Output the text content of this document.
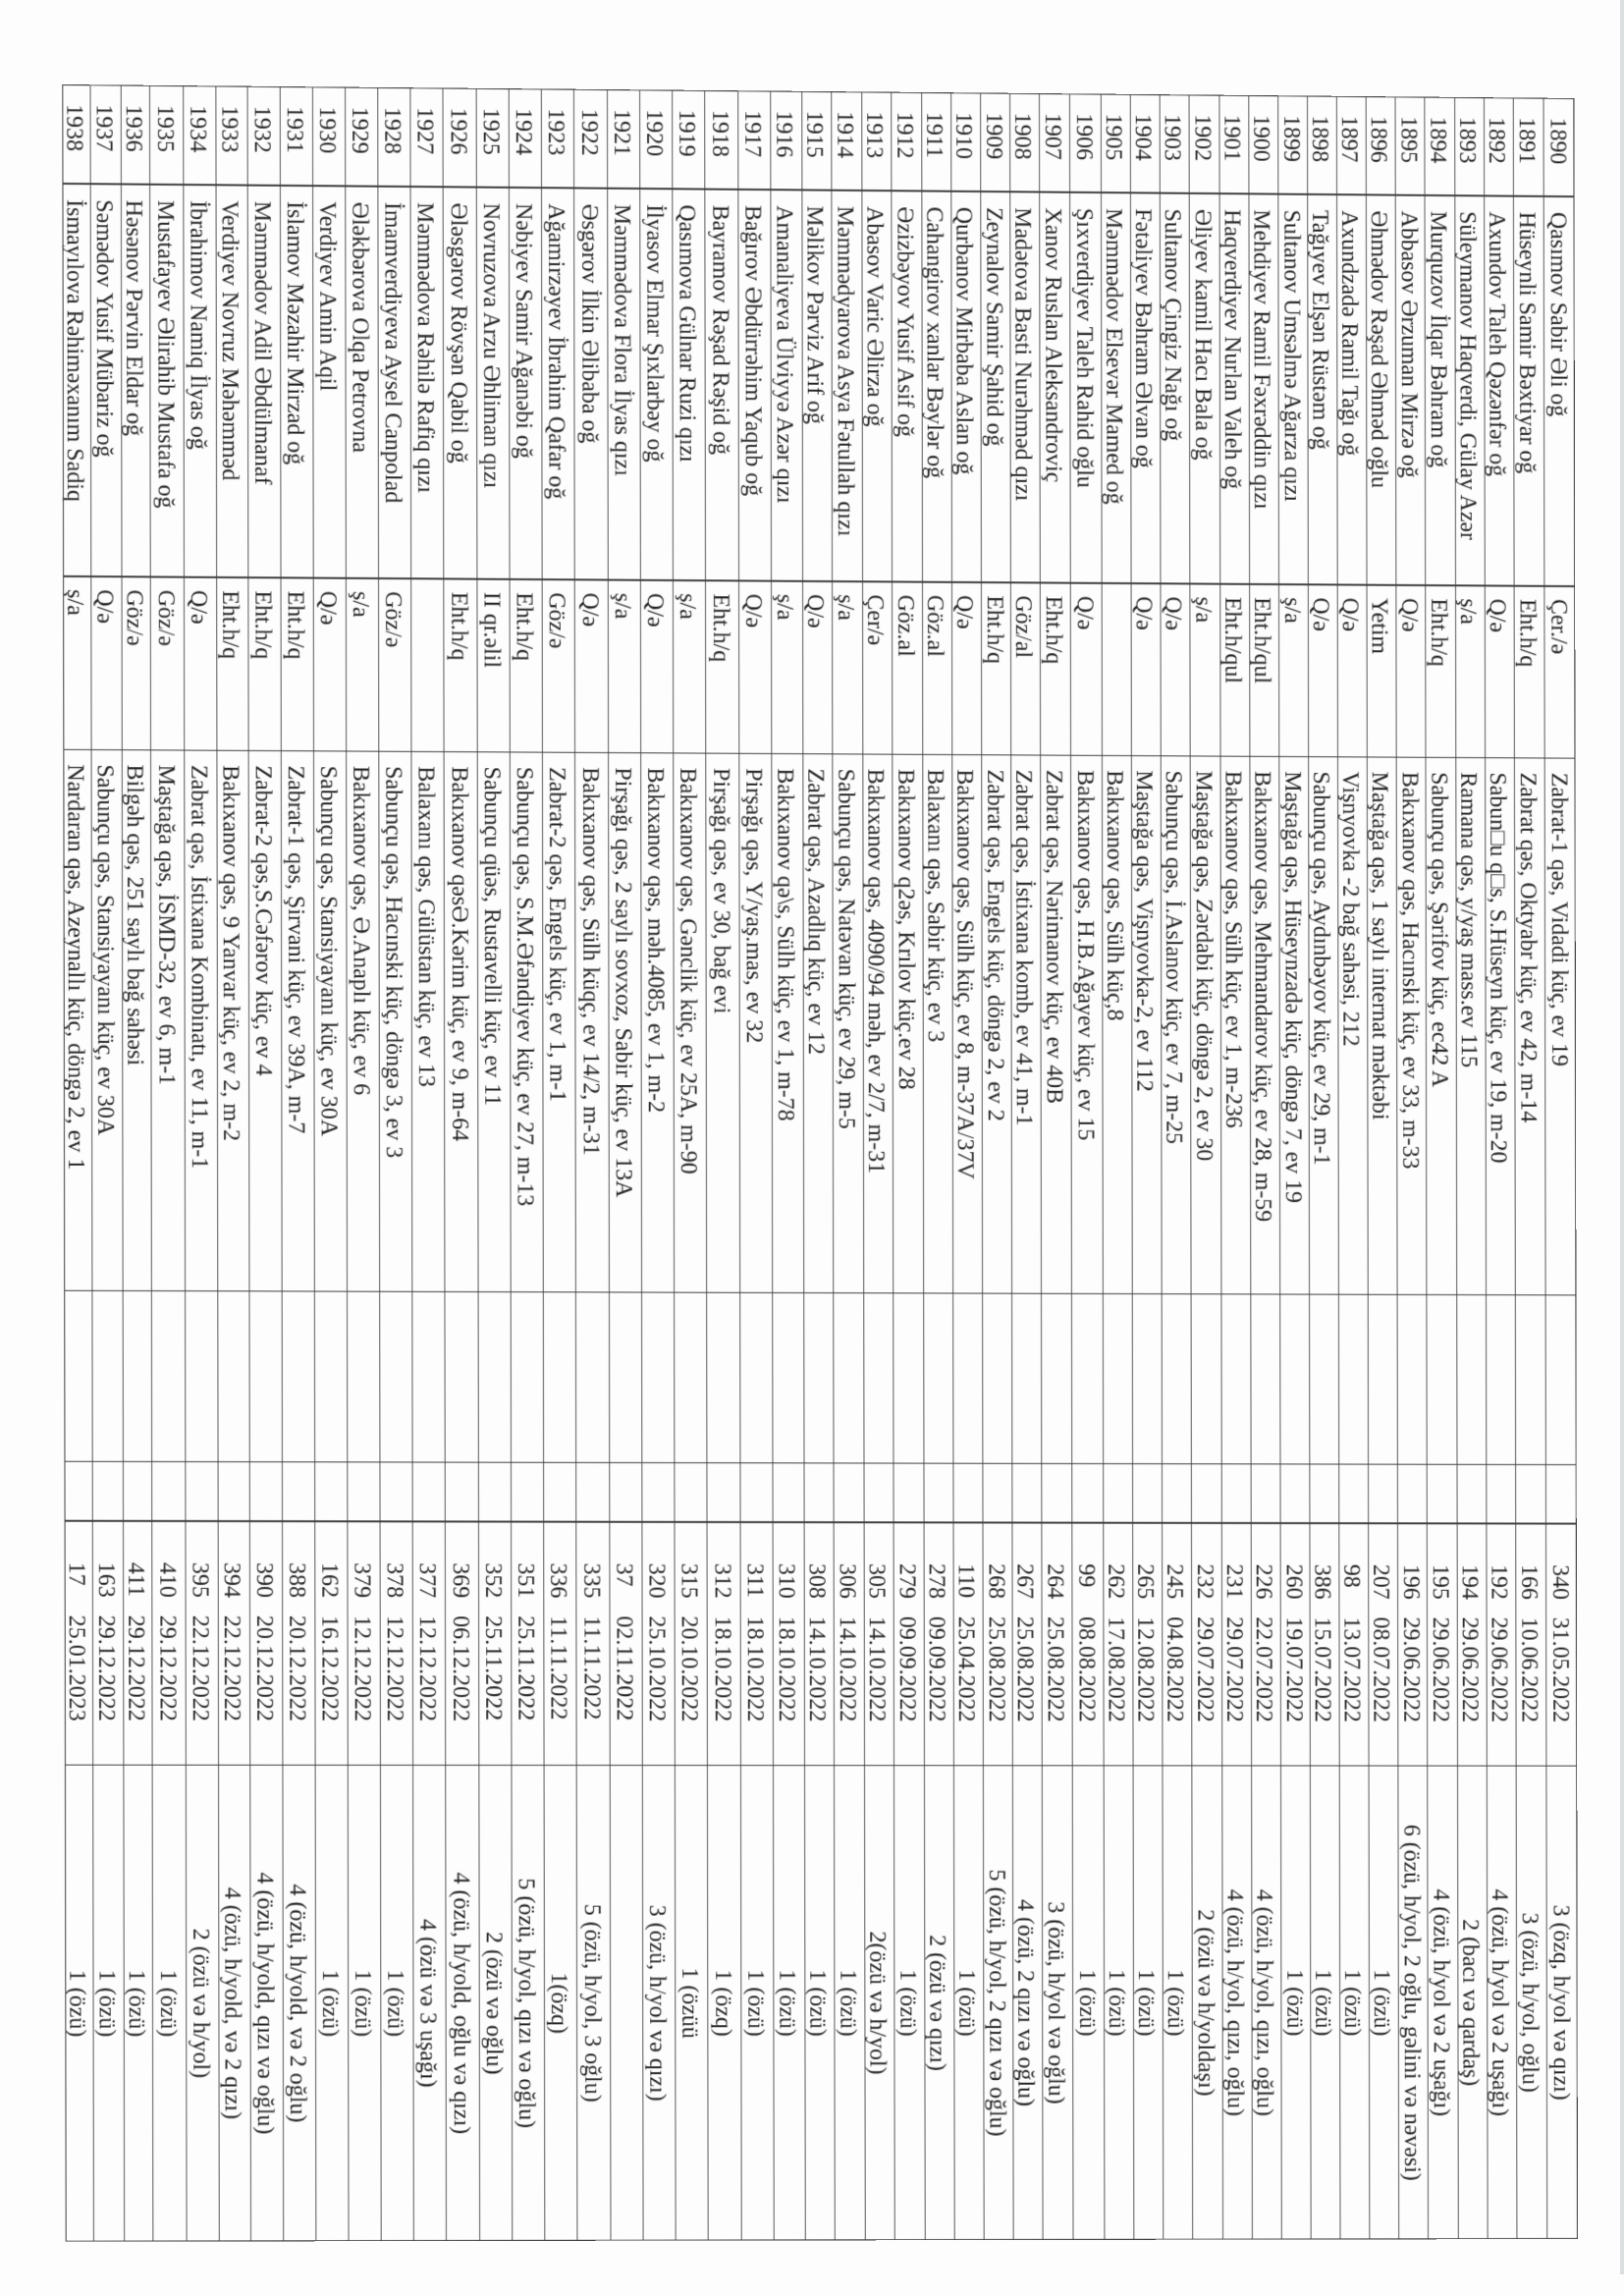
1890
Qasımov Sabir Əli oğ
Çer./ə
Zabrat-1 qəs, Vidadi küç, ev 19
340
31.05.2022
3 (özq, h/yol və qızı)
1891
Hüseynli Samir Bəxtiyar oğ
Eht.h/q
Zabrat qəs, Oktyabr küç, ev 42, m-14
166
10.06.2022
3 (özü, h/yol, oğlu)
1892
Axundov Taleh Qəzənfər oğ
Q/ə
Sabun□u q□s, S.Hüseyn küç, ev 19, m-20
192
29.06.2022
4 (özü, h/yol və 2 uşağı)
1893
Süleymanov Haqverdi, Gülay Azər
ş/a
Ramana qəs, y/yaş mass.ev 115
194
29.06.2022
2 (bacı və qardaş)
1894
Murquzov İlqar Bəhram oğ
Eht.h/q
Sabunçu qəs, Şərifov küç, ec42 A
195
29.06.2022
4 (özü, h/yol və 2 uşağı)
1895
Abbasov Ərzuman Mirzə oğ
Q/ə
Bakıxanov qəs, Hacınski küç, ev 33, m-33
196
29.06.2022
6 (özü, h/yol, 2 oğlu, gəlini və nəvəsi)
1896
Əhmədov Rəşad Əhməd oğlu
Yetim
Maştağa qəs, 1 saylı internat məktəbi
207
08.07.2022
1 (özü)
1897
Axundzadə Ramil Tağı oğ
Q/ə
Vişnyovka -2 bağ sahəsi, 212
98
13.07.2022
1 (özü)
1898
Tağıyev Elşən Rüstəm oğ
Q/ə
Sabunçu qəs, Aydınbəyov küç, ev 29, m-1
386
15.07.2022
1 (özü)
1899
Sultanov Umsəlmə Ağarza qızı
ş/a
Maştağa qəs, Hüseynzadə küç, döngə 7, ev 19
260
19.07.2022
1 (özü)
1900
Mehdiyev Ramil Fəxrəddin qızı
Eht.h/qul
Bakıxanov qəs, Mehmandarov küç, ev 28, m-59
226
22.07.2022
4 (özü, h/yol, qızı, oğlu)
1901
Haqverdiyev Nurlan Valeh oğ
Eht.h/qul
Bakıxanov qəs, Sülh küç, ev 1, m-236
231
29.07.2022
4 (özü, h/yol, qızı, oğlu)
1902
Əliyev kamil Hacı Bala oğ
ş/a
Maştağa qəs, Zərdabi küç, döngə 2, ev 30
232
29.07.2022
2 (özü və h/yoldaşı)
1903
Sultanov Çingiz Nağı oğ
Q/ə
Sabunçu qəs, İ.Aslanov küç, ev 7, m-25
245
04.08.2022
1 (özü)
1904
Fətəliyev Bəhram Əlvan oğ
Q/ə
Maştağa qəs, Vişnyovka-2, ev 112
265
12.08.2022
1 (özü)
1905
Məmmədov Elsevər Mamed oğ
Bakıxanov qəs, Sülh küç,8
262
17.08.2022
1 (özü)
1906
Şıxverdiyev Taleh Rahid oğlu
Q/ə
Bakıxanov qəs, H.B.Ağayev küç, ev 15
99
08.08.2022
1 (özü)
1907
Xanov Ruslan Aleksandroviç
Eht.h/q
Zabrat qəs, Nərimanov küç, ev 40B
264
25.08.2022
3 (özü, h/yol və oğlu)
1908
Madətova Basti Nurəhməd qızı
Göz/al
Zabrat qəs, İstixana komb, ev 41, m-1
267
25.08.2022
4 (özü, 2 qızı və oğlu)
1909
Zeynalov Samir Şahid oğ
Eht.h/q
Zabrat qəs, Engels küç, döngə 2, ev 2
268
25.08.2022
5 (özü, h/yol, 2 qızı və oğlu)
1910
Qurbanov Mirbaba Aslan oğ
Q/ə
Bakıxanov qəs, Sülh küç, ev 8, m-37A/37V
110
25.04.2022
1 (özü)
1911
Cahangirov xanlar Bəylər oğ
Göz.al
Balaxanı qəs, Sabir küç, ev 3
278
09.09.2022
2 (özü və qızı)
1912
Əzizbəyov Yusif Asif oğ
Göz.al
Bakıxanov q2əs, Krılov küç.ev 28
279
09.09.2022
1 (özü)
1913
Abasov Varic Əlirza oğ
Çer/ə
Bakıxanov qəs, 4090/94 məh, ev 2/7, m-31
305
14.10.2022
2(özü və h/yol)
1914
Məmmədyarova Asya Fətullah qızı
ş/a
Sabunçu qəs, Natəvan küç, ev 29, m-5
306
14.10.2022
1 (özü)
1915
Məlikov Pərviz Arif oğ
Q/ə
Zabrat qəs, Azadlıq küç, ev 12
308
14.10.2022
1 (özü)
1916
Amanaliyeva Ülviyyə Azər qızı
ş/a
Bakıxanov qə\s, Sülh küç, ev 1, m-78
310
18.10.2022
1 (özü)
1917
Bağırov Əbdürrəhim Yaqub oğ
Q/ə
Pirşağı qəs, Y/yaş.mas, ev 32
311
18.10.2022
1 (özü)
1918
Bayramov Rəşad Rəşid oğ
Eht.h/q
Pirşağı qəs, ev 30, bağ evi
312
18.10.2022
1 (özq)
1919
Qasımova Gülnar Ruzi qızı
ş/a
Bakıxanov qəs, Gənclik küç, ev 25A, m-90
315
20.10.2022
1 (özüü
1920
İlyasov Elmar Şıxlarbəy oğ
Q/ə
Bakıxanov qəs, məh.4085, ev 1, m-2
320
25.10.2022
3 (özü, h/yol və qızı)
1921
Məmmədova Flora İlyas qızı
ş/a
Pirşağı qəs, 2 saylı sovxoz, Sabir küç, ev 13A
37
02.11.2022
1922
Əsgərov İlkin Əlibaba oğ
Q/ə
Bakıxanov qəs, Sülh küqç, ev 14/2, m-31
335
11.11.2022
5 (özü, h/yol, 3 oğlu)
1923
Ağamirzəyev İbrahim Qafar oğ
Göz/ə
Zabrat-2 qəs, Engels küç, ev 1, m-1
336
11.11.2022
1(özq)
1924
Nəbiyev Samir Ağanəbi oğ
Eht.h/q
Sabunçu qəs, S.M.Əfəndiyev küç, ev 27, m-13
351
25.11.2022
5 (özü, h/yol, qızı və oğlu)
1925
Novruzova Arzu Əhliman qızı
II qr.əlil
Sabunçu qüəs, Rustavelli küç, ev 11
352
25.11.2022
2 (özü və oğlu)
1926
Ələsgərov Rövşən Qabil oğ
Eht.h/q
Bakıxanov qəsƏ.Kərim küç, ev 9, m-64
369
06.12.2022
4 (özü, h/yold, oğlu və qızı)
1927
Məmmədova Rəhilə Rafiq qızı
Balaxanı qəs, Gülüstan küç, ev 13
377
12.12.2022
4 (özü və 3 uşağı)
1928
İmamverdiyeva Aysel Canpolad
Göz/ə
Sabunçu qəs, Hacınski küç, döngə 3, ev 3
378
12.12.2022
1 (özü)
1929
Ələkbərova Olqa Petrovna
ş/a
Bakıxanov qəs, Ə.Anaplı küç, ev 6
379
12.12.2022
1 (özü)
1930
Verdiyev Amin Aqil
Q/ə
Sabunçu qəs, Stansiyayanı küç, ev 30A
162
16.12.2022
1 (özü)
1931
İslamov Məzahir Mirzad oğ
Eht.h/q
Zabrat-1 qəs, Şirvani küç, ev 39A, m-7
388
20.12.2022
4 (özü, h/yold, və 2 oğlu)
1932
Məmmədov Adil Əbdülmanaf
Eht.h/q
Zabrat-2 qəs,S.Cəfərov küç, ev 4
390
20.12.2022
4 (özü, h/yold, qızı və oğlu)
1933
Verdiyev Novruz Məhəmməd
Eht.h/q
Bakıxanov qəs, 9 Yanvar küç, ev 2, m-2
394
22.12.2022
4 (özü, h/yold, və 2 qızı)
1934
İbrahimov Namiq İlyas oğ
Q/ə
Zabrat qəs, İstixana Kombinatı, ev 11, m-1
395
22.12.2022
2 (özü və h/yol)
1935
Mustafayev Əlirahib Mustafa oğ
Göz/ə
Maştağa qəs, İSMD-32, ev 6, m-1
410
29.12.2022
1 (özü)
1936
Həsənov Pərvin Eldar oğ
Göz/ə
Bilgəh qəs, 251 saylı bağ sahəsi
411
29.12.2022
1 (özü)
1937
Səmədov Yusif Mübariz oğ
Q/ə
Sabunçu qəs, Stansiyayanı küç, ev 30A
163
29.12.2022
1 (özü)
1938
İsmayılova Rəhiməxanım Sadiq
ş/a
Nardaran qəs, Azeynallı küç, döngə 2, ev 1
17
25.01.2023
1 (özü)
